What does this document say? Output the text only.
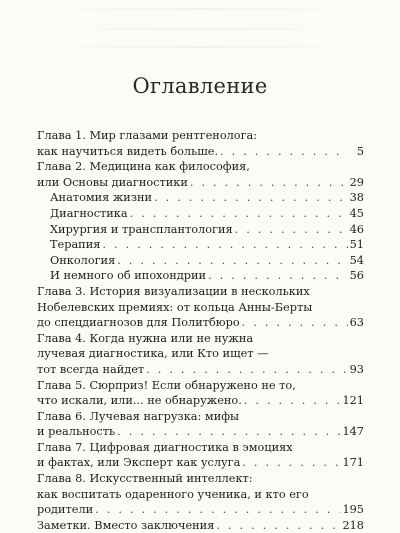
Оглавление
Глава 1. Мир глазами рентгенолога:
как научиться видеть больше. . . .	5
Глава 2. Медицина как философия,
или Основы диагностики . . .	29
Анатомия жизни . . .	38
Диагностика . . .	45
Хирургия и трансплантология . . .	46
Терапия . . .	51
Онкология . . .	54
И немного об ипохондрии . . .	56
Глава 3. История визуализации в нескольких
Нобелевских премиях: от кольца Анны-Берты
до спецдиагнозов для Политбюро . . .	63
Глава 4. Когда нужна или не нужна
лучевая диагностика, или Кто ищет —
тот всегда найдет . . .	93
Глава 5. Сюрприз! Если обнаружено не то,
что искали, или... не обнаружено. . . .	121
Глава 6. Лучевая нагрузка: мифы
и реальность . . .	147
Глава 7. Цифровая диагностика в эмоциях
и фактах, или Эксперт как услуга . . .	171
Глава 8. Искусственный интеллект:
как воспитать одаренного ученика, и кто его
родители . . .	195
Заметки. Вместо заключения . . .	218
